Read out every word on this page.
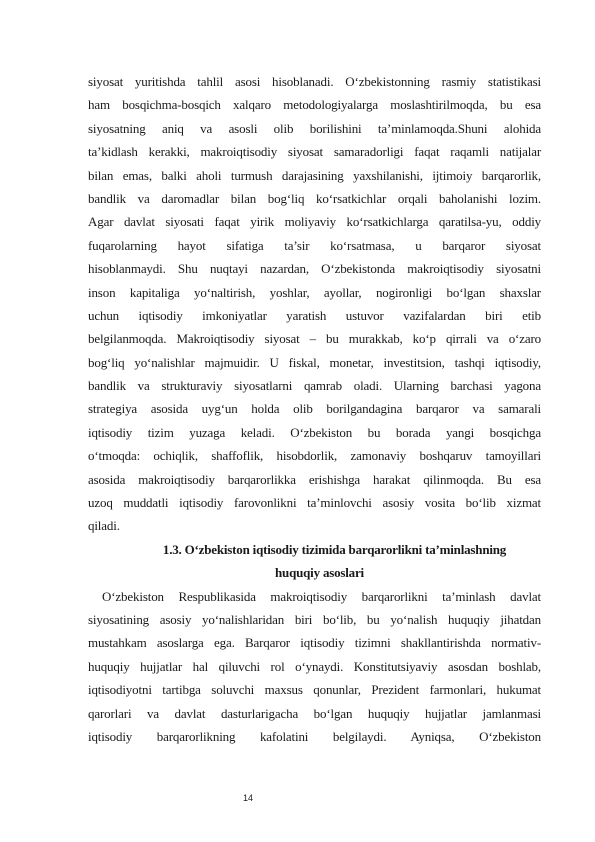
siyosat yuritishda tahlil asosi hisoblanadi. O‘zbekistonning rasmiy statistikasi
ham bosqichma-bosqich xalqaro metodologiyalarga moslashtirilmoqda, bu esa
siyosatning aniq va asosli olib borilishini ta’minlamoqda.Shuni alohida
ta’kidlash kerakki, makroiqtisodiy siyosat samaradorligi faqat raqamli natijalar
bilan emas, balki aholi turmush darajasining yaxshilanishi, ijtimoiy barqarorlik,
bandlik va daromadlar bilan bog‘liq ko‘rsatkichlar orqali baholanishi lozim.
Agar davlat siyosati faqat yirik moliyaviy ko‘rsatkichlarga qaratilsa-yu, oddiy
fuqarolarning hayot sifatiga ta’sir ko‘rsatmasa, u barqaror siyosat
hisoblanmaydi. Shu nuqtayi nazardan, O‘zbekistonda makroiqtisodiy siyosatni
inson kapitaliga yo‘naltirish, yoshlar, ayollar, nogironligi bo‘lgan shaxslar
uchun iqtisodiy imkoniyatlar yaratish ustuvor vazifalardan biri etib
belgilanmoqda. Makroiqtisodiy siyosat – bu murakkab, ko‘p qirrali va o‘zaro
bog‘liq yo‘nalishlar majmuidir. U fiskal, monetar, investitsion, tashqi iqtisodiy,
bandlik va strukturaviy siyosatlarni qamrab oladi. Ularning barchasi yagona
strategiya asosida uyg‘un holda olib borilgandagina barqaror va samarali
iqtisodiy tizim yuzaga keladi. O‘zbekiston bu borada yangi bosqichga
o‘tmoqda: ochiqlik, shaffoflik, hisobdorlik, zamonaviy boshqaruv tamoyillari
asosida makroiqtisodiy barqarorlikka erishishga harakat qilinmoqda. Bu esa
uzoq muddatli iqtisodiy farovonlikni ta’minlovchi asosiy vosita bo‘lib xizmat
qiladi.
1.3. O‘zbekiston iqtisodiy tizimida barqarorlikni ta’minlashning
huquqiy asoslari
O‘zbekiston Respublikasida makroiqtisodiy barqarorlikni ta’minlash davlat
siyosatining asosiy yo‘nalishlaridan biri bo‘lib, bu yo‘nalish huquqiy jihatdan
mustahkam asoslarga ega. Barqaror iqtisodiy tizimni shakllantirishda normativ-
huquqiy hujjatlar hal qiluvchi rol o‘ynaydi. Konstitutsiyaviy asosdan boshlab,
iqtisodiyotni tartibga soluvchi maxsus qonunlar, Prezident farmonlari, hukumat
qarorlari va davlat dasturlarigacha bo‘lgan huquqiy hujjatlar jamlanmasi
iqtisodiy barqarorlikning kafolatini belgilaydi. Ayniqsa, O‘zbekiston
14
